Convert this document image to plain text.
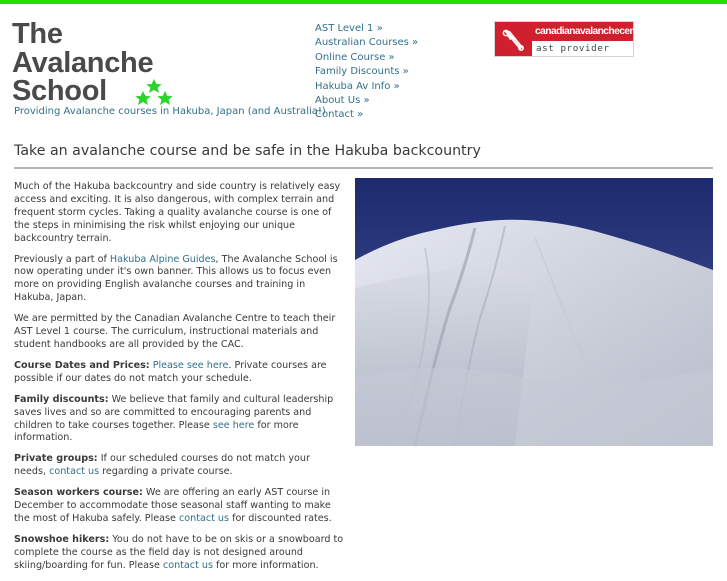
The
Avalanche
School
Providing Avalanche courses in Hakuba, Japan (and Australia!)
AST Level 1 »
Australian Courses »
Online Course »
Family Discounts »
Hakuba Av Info »
About Us »
Contact »
canadianavalanchecentre
ast provider
Take an avalanche course and be safe in the Hakuba backcountry

Much of the Hakuba backcountry and side country is relatively easy access and exciting. It is also dangerous, with complex terrain and frequent storm cycles. Taking a quality avalanche course is one of the steps in minimising the risk whilst enjoying our unique backcountry terrain.

Previously a part of Hakuba Alpine Guides, The Avalanche School is now operating under it's own banner. This allows us to focus even more on providing English avalanche courses and training in Hakuba, Japan.

We are permitted by the Canadian Avalanche Centre to teach their AST Level 1 course. The curriculum, instructional materials and student handbooks are all provided by the CAC.

Course Dates and Prices: Please see here. Private courses are possible if our dates do not match your schedule.

Family discounts: We believe that family and cultural leadership saves lives and so are committed to encouraging parents and children to take courses together. Please see here for more information.

Private groups: If our scheduled courses do not match your needs, contact us regarding a private course.

Season workers course: We are offering an early AST course in December to accommodate those seasonal staff wanting to make the most of Hakuba safely. Please contact us for discounted rates.

Snowshoe hikers: You do not have to be on skis or a snowboard to complete the course as the field day is not designed around skiing/boarding for fun. Please contact us for more information.
